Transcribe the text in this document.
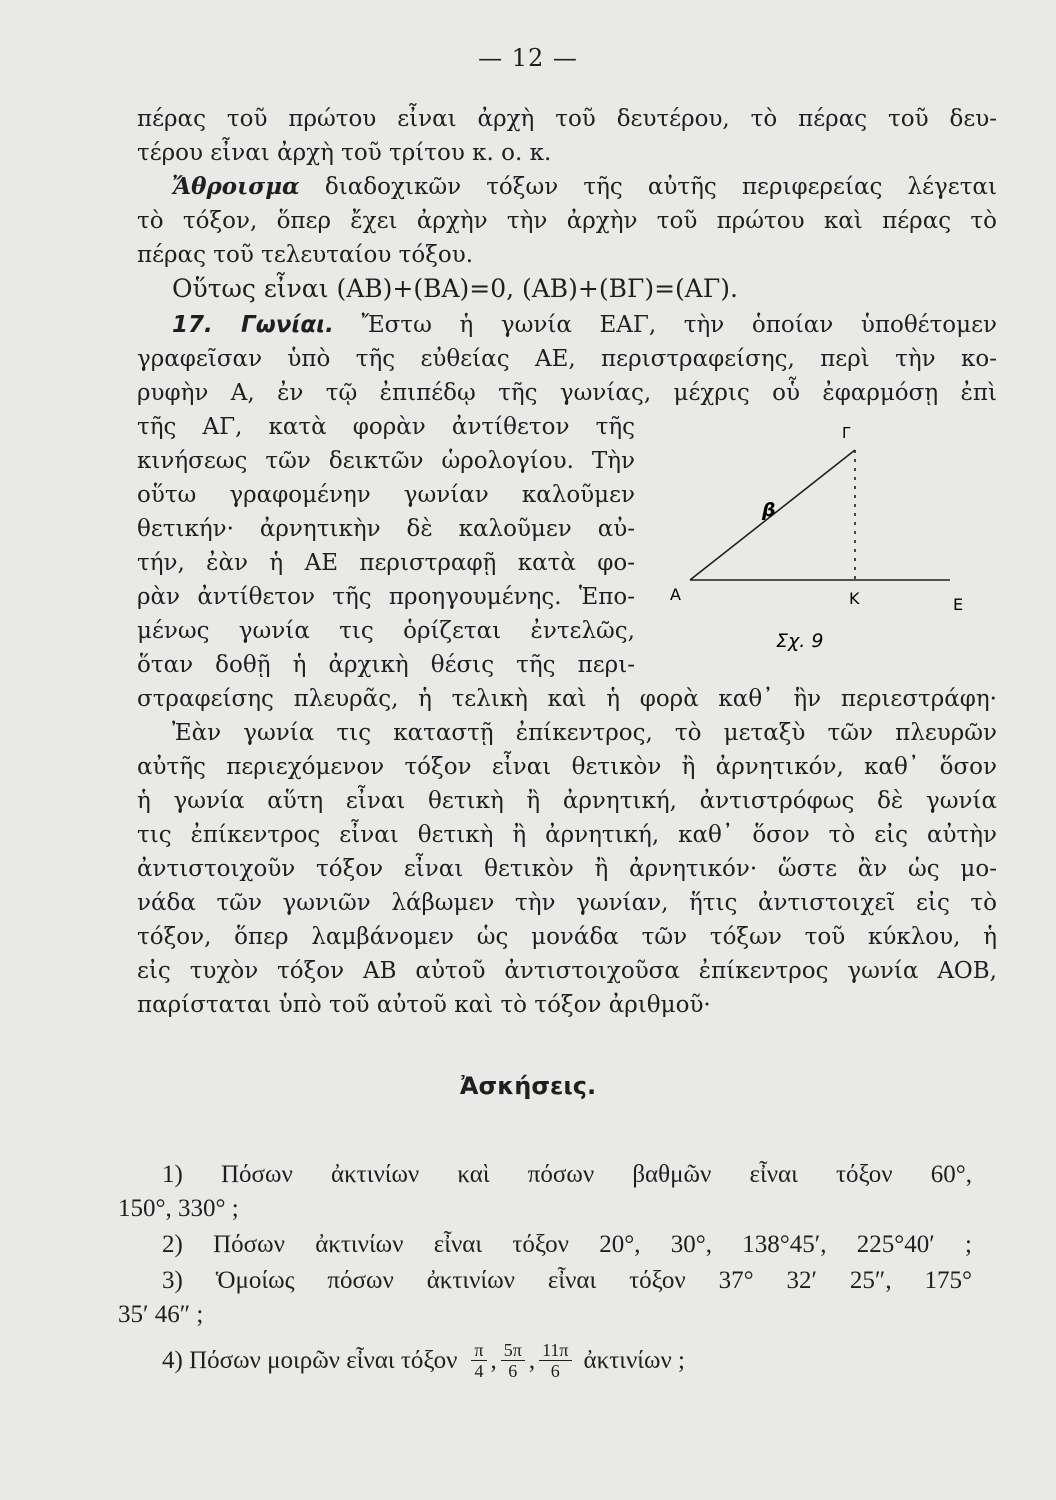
— 12 —
πέρας τοῦ πρώτου εἶναι ἀρχὴ τοῦ δευτέρου, τὸ πέρας τοῦ δευ-
τέρου εἶναι ἀρχὴ τοῦ τρίτου κ. ο. κ.
Ἄθροισμα διαδοχικῶν τόξων τῆς αὐτῆς περιφερείας λέγεται
τὸ τόξον, ὅπερ ἔχει ἀρχὴν τὴν ἀρχὴν τοῦ πρώτου καὶ πέρας τὸ
πέρας τοῦ τελευταίου τόξου.
Οὕτως εἶναι (ΑΒ)+(ΒΑ)=0, (ΑΒ)+(ΒΓ)=(ΑΓ).
17. Γωνίαι. Ἔστω ἡ γωνία ΕΑΓ, τὴν ὁποίαν ὑποθέτομεν
γραφεῖσαν ὑπὸ τῆς εὐθείας ΑΕ, περιστραφείσης, περὶ τὴν κο-
ρυφὴν Α, ἐν τῷ ἐπιπέδῳ τῆς γωνίας, μέχρις οὗ ἐφαρμόσῃ ἐπὶ
τῆς ΑΓ, κατὰ φορὰν ἀντίθετον τῆς
κινήσεως τῶν δεικτῶν ὡρολογίου. Τὴν
οὕτω γραφομένην γωνίαν καλοῦμεν
θετικήν· ἀρνητικὴν δὲ καλοῦμεν αὐ-
τήν, ἐὰν ἡ ΑΕ περιστραφῇ κατὰ φο-
ρὰν ἀντίθετον τῆς προηγουμένης. Ἑπο-
μένως γωνία τις ὁρίζεται ἐντελῶς,
ὅταν δοθῇ ἡ ἀρχικὴ θέσις τῆς περι-
στραφείσης πλευρᾶς, ἡ τελικὴ καὶ ἡ φορὰ καθ᾽ ἣν περιεστράφη·
A
E
K
Γ
β
Σχ. 9
Ἐὰν γωνία τις καταστῇ ἐπίκεντρος, τὸ μεταξὺ τῶν πλευρῶν
αὐτῆς περιεχόμενον τόξον εἶναι θετικὸν ἢ ἀρνητικόν, καθ᾽ ὅσον
ἡ γωνία αὕτη εἶναι θετικὴ ἢ ἀρνητική, ἀντιστρόφως δὲ γωνία
τις ἐπίκεντρος εἶναι θετικὴ ἢ ἀρνητική, καθ᾽ ὅσον τὸ εἰς αὐτὴν
ἀντιστοιχοῦν τόξον εἶναι θετικὸν ἢ ἀρνητικόν· ὥστε ἂν ὡς μο-
νάδα τῶν γωνιῶν λάβωμεν τὴν γωνίαν, ἥτις ἀντιστοιχεῖ εἰς τὸ
τόξον, ὅπερ λαμβάνομεν ὡς μονάδα τῶν τόξων τοῦ κύκλου, ἡ
εἰς τυχὸν τόξον ΑΒ αὐτοῦ ἀντιστοιχοῦσα ἐπίκεντρος γωνία ΑΟΒ,
παρίσταται ὑπὸ τοῦ αὐτοῦ καὶ τὸ τόξον ἀριθμοῦ·
Ἀσκήσεις.
1) Πόσων ἀκτινίων καὶ πόσων βαθμῶν εἶναι τόξον 60°,
150°, 330° ;
2) Πόσων ἀκτινίων εἶναι τόξον 20°, 30°, 138°45′, 225°40′ ;
3) Ὁμοίως πόσων ἀκτινίων εἶναι τόξον 37° 32′ 25″, 175°
35′ 46″ ;
4) Πόσων μοιρῶν εἶναι τόξον $\frac{\pi}{4}$ , $\frac{5\pi}{6}$ , $\frac{11\pi}{6}$ ἀκτινίων ;
